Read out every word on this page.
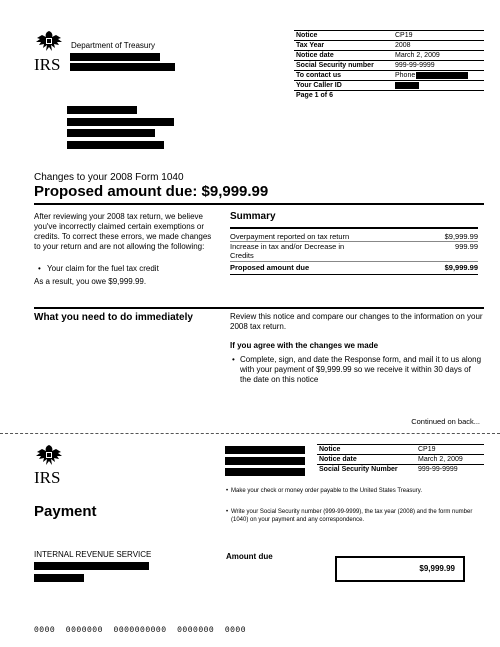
IRS
Department of Treasury
Notice	CP19
Tax Year	2008
Notice date	March 2, 2009
Social Security number	999-99-9999
To contact us	Phone
Your Caller ID	
Page 1 of 6	
Changes to your 2008 Form 1040
Proposed amount due: $9,999.99
After reviewing your 2008 tax return, we believe you've incorrectly claimed certain exemptions or credits. To correct these errors, we made changes to your return and are not allowing the following:
• Your claim for the fuel tax credit
As a result, you owe $9,999.99.
Summary
Overpayment reported on tax return	$9,999.99
Increase in tax and/or Decrease in Credits
999.99
Proposed amount due	$9,999.99
What you need to do immediately	Review this notice and compare our changes to the information on your 2008 tax return.
If you agree with the changes we made
• Complete, sign, and date the Response form, and mail it to us along with your payment of $9,999.99 so we receive it within 30 days of the date on this notice
Continued on back...
IRS
Notice	CP19
Notice date	March 2, 2009
Social Security Number	999-99-9999
Payment
• Make your check or money order payable to the United States Treasury.
• Write your Social Security number (999-99-9999), the tax year (2008) and the form number (1040) on your payment and any correspondence.
INTERNAL REVENUE SERVICE	Amount due
$9,999.99
0000  0000000  0000000000  0000000  0000
